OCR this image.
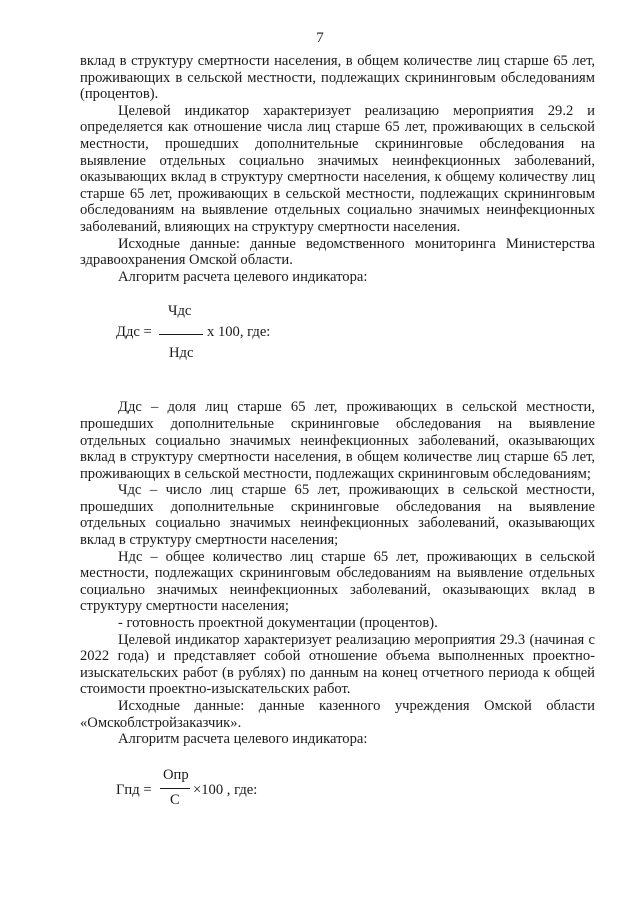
7

вклад в структуру смертности населения, в общем количестве лиц старше 65 лет, проживающих в сельской местности, подлежащих скрининговым обследованиям (процентов).

Целевой индикатор характеризует реализацию мероприятия 29.2 и определяется как отношение числа лиц старше 65 лет, проживающих в сельской местности, прошедших дополнительные скрининговые обследования на выявление отдельных социально значимых неинфекционных заболеваний, оказывающих вклад в структуру смертности населения, к общему количеству лиц старше 65 лет, проживающих в сельской местности, подлежащих скрининговым обследованиям на выявление отдельных социально значимых неинфекционных заболеваний, влияющих на структуру смертности населения.

Исходные данные: данные ведомственного мониторинга Министерства здравоохранения Омской области.

Алгоритм расчета целевого индикатора:

Чдс
Ддс =	х 100, где:
Ндс

Ддс – доля лиц старше 65 лет, проживающих в сельской местности, прошедших дополнительные скрининговые обследования на выявление отдельных социально значимых неинфекционных заболеваний, оказывающих вклад в структуру смертности населения, в общем количестве лиц старше 65 лет, проживающих в сельской местности, подлежащих скрининговым обследованиям;

Чдс – число лиц старше 65 лет, проживающих в сельской местности, прошедших дополнительные скрининговые обследования на выявление отдельных социально значимых неинфекционных заболеваний, оказывающих вклад в структуру смертности населения;

Ндс – общее количество лиц старше 65 лет, проживающих в сельской местности, подлежащих скрининговым обследованиям на выявление отдельных социально значимых неинфекционных заболеваний, оказывающих вклад в структуру смертности населения;

- готовность проектной документации (процентов).

Целевой индикатор характеризует реализацию мероприятия 29.3 (начиная с 2022 года) и представляет собой отношение объема выполненных проектно-изыскательских работ (в рублях) по данным на конец отчетного периода к общей стоимости проектно-изыскательских работ.

Исходные данные: данные казенного учреждения Омской области «Омскоблстройзаказчик».

Алгоритм расчета целевого индикатора:

Гпд =
Опр
С
×100 , где:
